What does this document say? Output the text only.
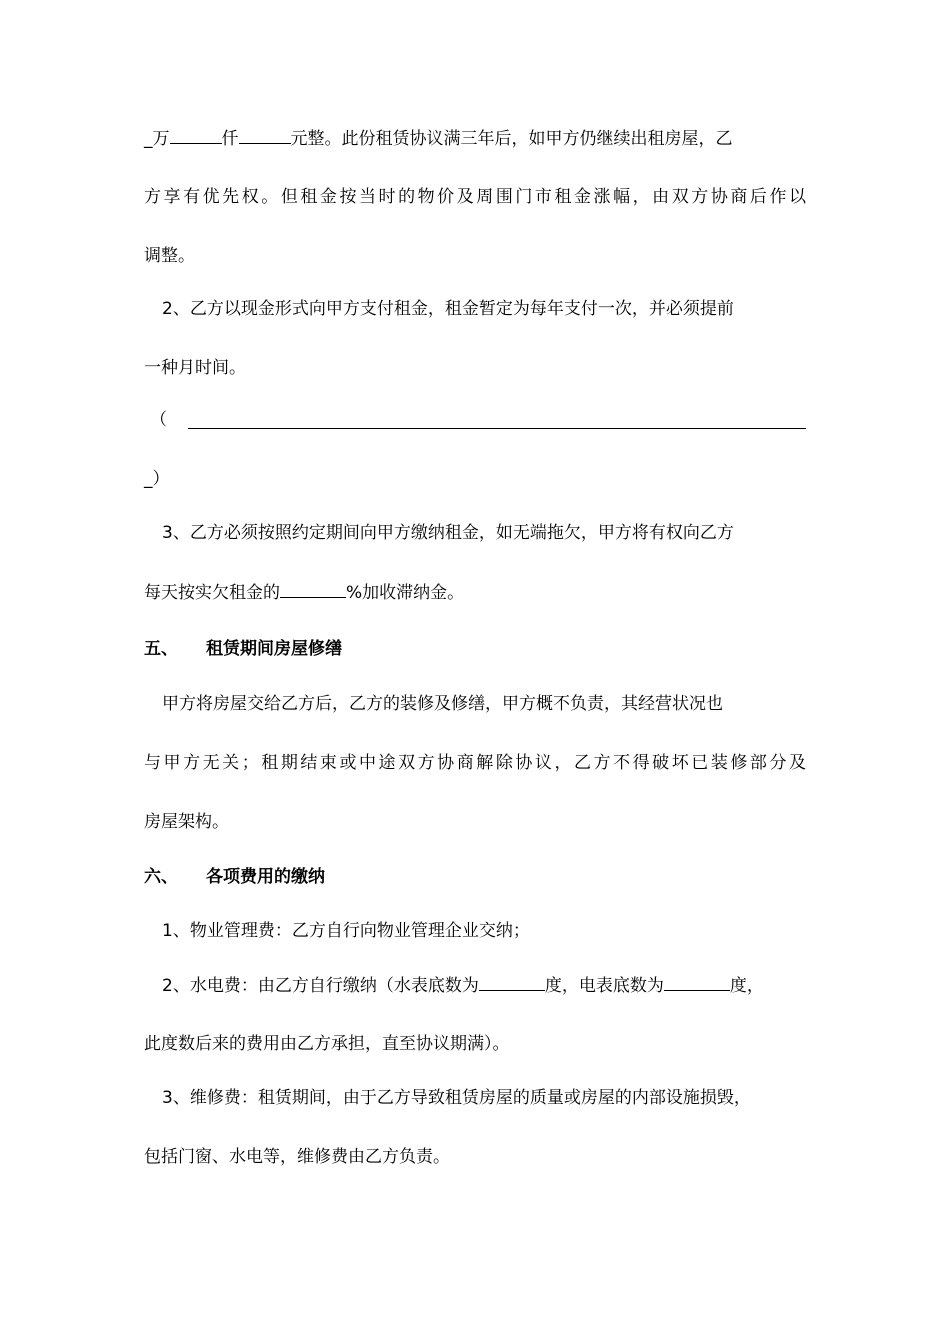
_万	仟	元整。此份租赁协议满三年后，如甲方仍继续出租房屋，乙
方享有优先权。但租金按当时的物价及周围门市租金涨幅，由双方协商后作以
调整。
2、乙方以现金形式向甲方支付租金，租金暂定为每年支付一次，并必须提前
一种月时间。
（
_）
3、乙方必须按照约定期间向甲方缴纳租金，如无端拖欠，甲方将有权向乙方
每天按实欠租金的	%加收滞纳金。
五、 租赁期间房屋修缮
甲方将房屋交给乙方后，乙方的装修及修缮，甲方概不负责，其经营状况也
与甲方无关；租期结束或中途双方协商解除协议，乙方不得破坏已装修部分及
房屋架构。
六、 各项费用的缴纳
1、物业管理费：乙方自行向物业管理企业交纳；
2、水电费：由乙方自行缴纳（水表底数为	度，电表底数为	度，
此度数后来的费用由乙方承担，直至协议期满）。
3、维修费：租赁期间，由于乙方导致租赁房屋的质量或房屋的内部设施损毁，
包括门窗、水电等，维修费由乙方负责。
